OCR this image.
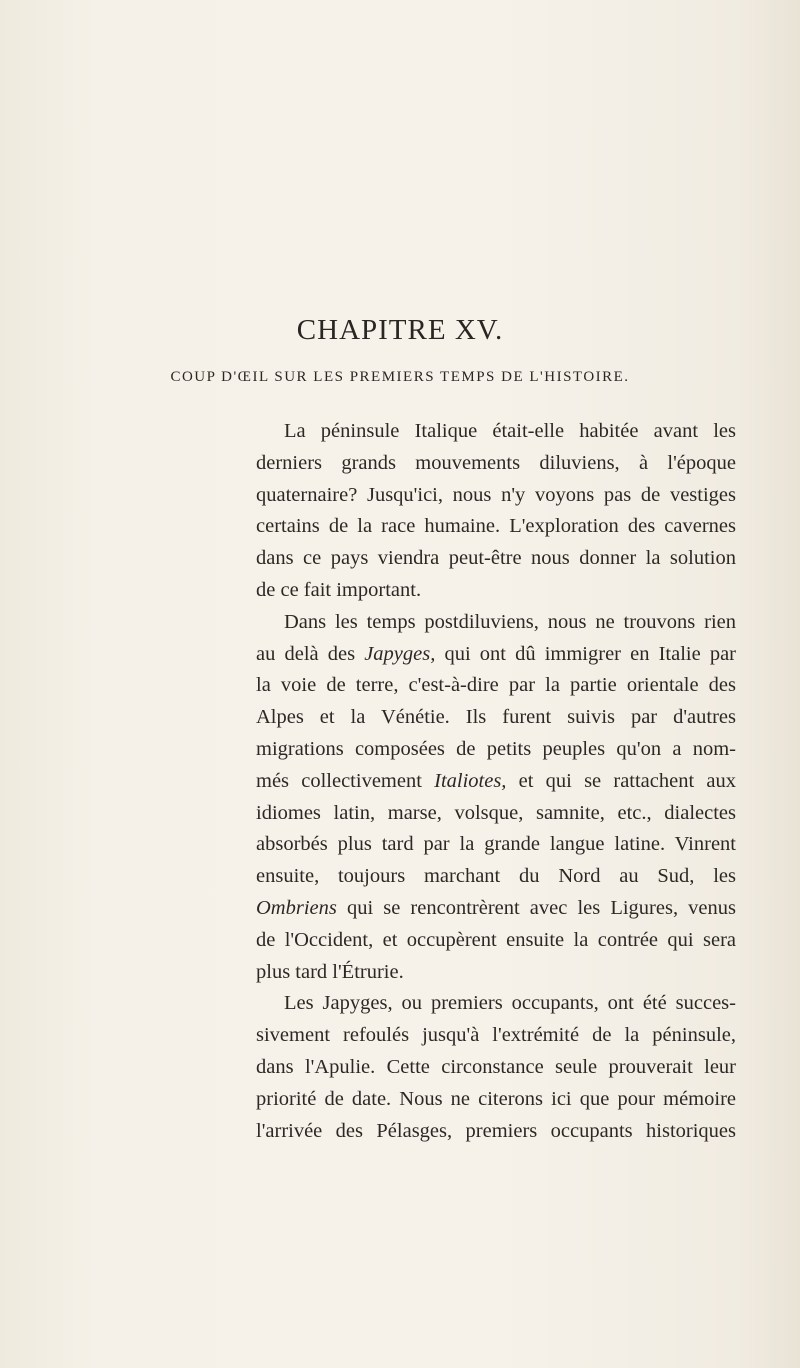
CHAPITRE XV.
COUP D'ŒIL SUR LES PREMIERS TEMPS DE L'HISTOIRE.

La péninsule Italique était-elle habitée avant les
derniers grands mouvements diluviens, à l'époque
quaternaire? Jusqu'ici, nous n'y voyons pas de vestiges
certains de la race humaine. L'exploration des cavernes
dans ce pays viendra peut-être nous donner la solution
de ce fait important.

Dans les temps postdiluviens, nous ne trouvons rien
au delà des Japyges, qui ont dû immigrer en Italie par
la voie de terre, c'est-à-dire par la partie orientale des
Alpes et la Vénétie. Ils furent suivis par d'autres
migrations composées de petits peuples qu'on a nom-
més collectivement Italiotes, et qui se rattachent aux
idiomes latin, marse, volsque, samnite, etc., dialectes
absorbés plus tard par la grande langue latine. Vinrent
ensuite, toujours marchant du Nord au Sud, les
Ombriens qui se rencontrèrent avec les Ligures, venus
de l'Occident, et occupèrent ensuite la contrée qui sera
plus tard l'Étrurie.

Les Japyges, ou premiers occupants, ont été succes-
sivement refoulés jusqu'à l'extrémité de la péninsule,
dans l'Apulie. Cette circonstance seule prouverait leur
priorité de date. Nous ne citerons ici que pour mémoire
l'arrivée des Pélasges, premiers occupants historiques
